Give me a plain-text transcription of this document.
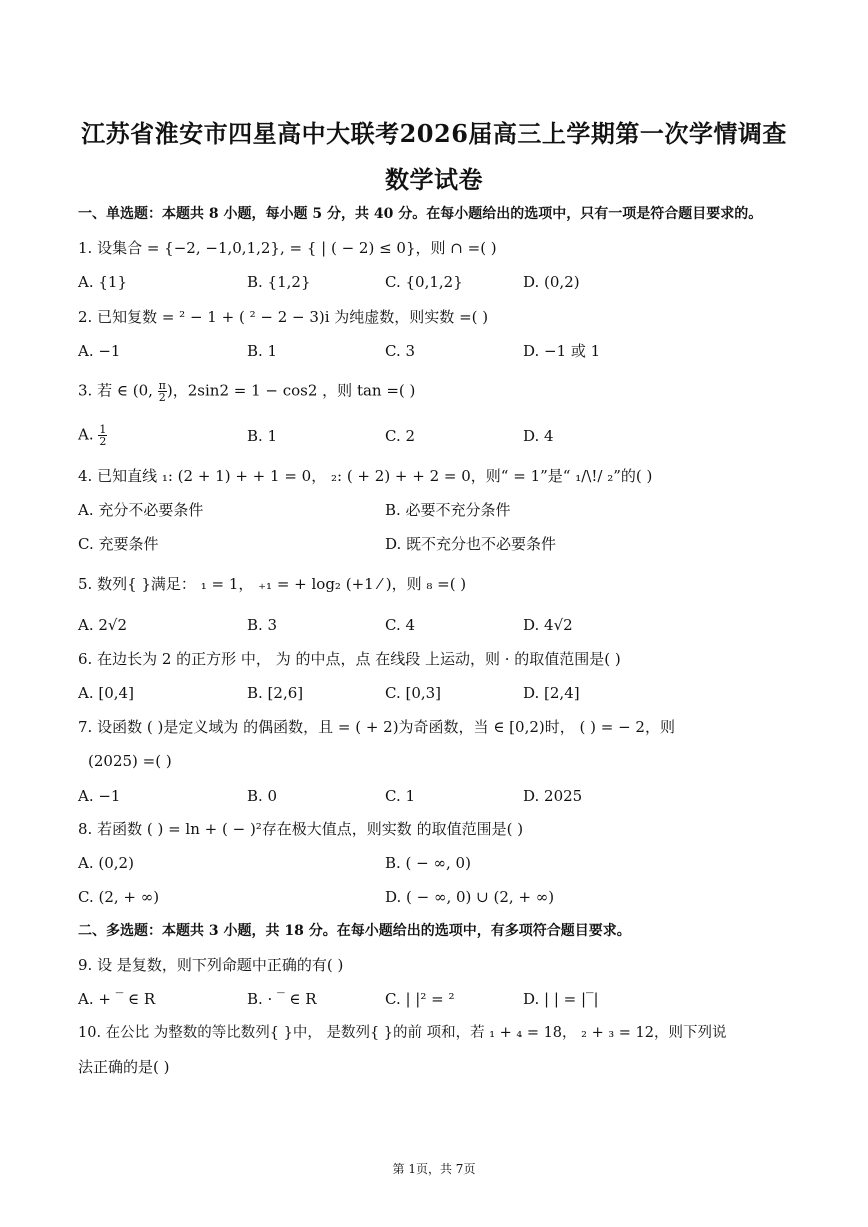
江苏省淮安市四星高中大联考2026届高三上学期第一次学情调查
数学试卷
一、单选题：本题共 8 小题，每小题 5 分，共 40 分。在每小题给出的选项中，只有一项是符合题目要求的。
1. 设集合 = {−2, −1,0,1,2}, = { | ( − 2) ≤ 0}，则 ∩ =( )
A. {1}	B. {1,2}	C. {0,1,2}	D. (0,2)
2. 已知复数 = ² − 1 + ( ² − 2 − 3)i 为纯虚数，则实数 =( )
A. −1	B. 1	C. 3	D. −1 或 1
3. 若 ∈ (0, $\frac{\pi}{2}$ )，2sin2 = 1 − cos2 ，则 tan =( )
A. $\frac{1}{2}$	B. 1	C. 2	D. 4
4. 已知直线 ₁: (2 + 1) + + 1 = 0， ₂: ( + 2) + + 2 = 0，则“ = 1”是“ ₁/\!/ ₂”的( )
A. 充分不必要条件	B. 必要不充分条件
C. 充要条件	D. 既不充分也不必要条件
5. 数列{ }满足： ₁ = 1， ₊₁ = + log₂ (+1 ⁄ )，则 ₈ =( )
A. 2√2	B. 3	C. 4	D. 4√2
6. 在边长为 2 的正方形 中， 为 的中点，点 在线段 上运动，则 · 的取值范围是( )
A. [0,4]	B. [2,6]	C. [0,3]	D. [2,4]
7. 设函数 ( )是定义域为 的偶函数，且 = ( + 2)为奇函数，当 ∈ [0,2)时， ( ) = − 2，则
(2025) =( )
A. −1	B. 0	C. 1	D. 2025
8. 若函数 ( ) = ln + ( − )²存在极大值点，则实数 的取值范围是( )
A. (0,2)	B. ( − ∞, 0)
C. (2, + ∞)	D. ( − ∞, 0) ∪ (2, + ∞)
二、多选题：本题共 3 小题，共 18 分。在每小题给出的选项中，有多项符合题目要求。
9. 设 是复数，则下列命题中正确的有( )
A. + ‾ ∈ R	B. · ‾ ∈ R	C. | |² = ²	D. | | = |‾|
10. 在公比 为整数的等比数列{ }中， 是数列{ }的前 项和，若 ₁ + ₄ = 18， ₂ + ₃ = 12，则下列说
法正确的是( )
第 1页，共 7页
